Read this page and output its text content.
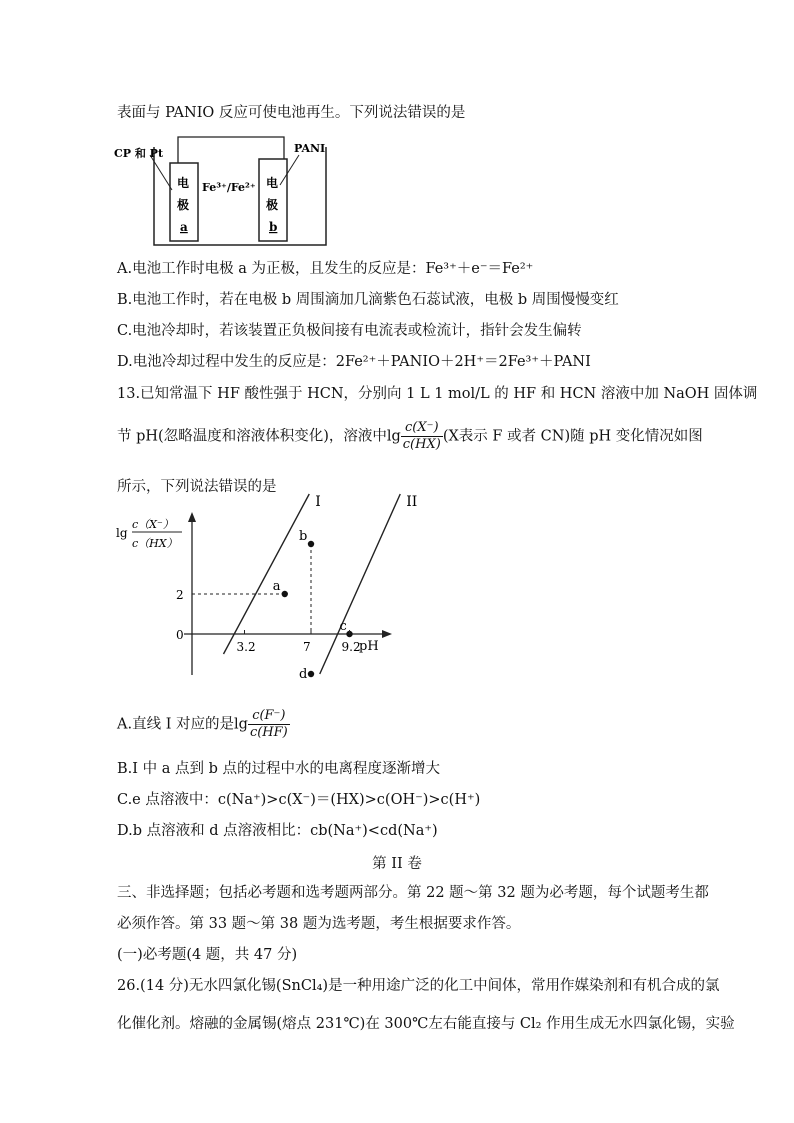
表面与 PANIO 反应可使电池再生。下列说法错误的是
CP 和 Pt	PANI
Fe³⁺/Fe²⁺
电
极
a
电
极
b
A.电池工作时电极 a 为正极，且发生的反应是：Fe³⁺＋e⁻＝Fe²⁺
B.电池工作时，若在电极 b 周围滴加几滴紫色石蕊试液，电极 b 周围慢慢变红
C.电池冷却时，若该装置正负极间接有电流表或检流计，指针会发生偏转
D.电池冷却过程中发生的反应是：2Fe²⁺＋PANIO＋2H⁺＝2Fe³⁺＋PANI
13.已知常温下 HF 酸性强于 HCN，分别向 1 L 1 mol/L 的 HF 和 HCN 溶液中加 NaOH 固体调
节 pH(忽略温度和溶液体积变化)，溶液中$\lg \frac{c(X^-)}{c(HX)} (X$表示 F 或者 CN)随 pH 变化情况如图
所示，下列说法错误的是
lg
c（X⁻）
c（HX）
pH
I	II
a
b
c
d
3.2	7	9.2
2
0
A.直线 I 对应的是$\lg \frac{c(F^-)}{c(HF)}$
B.I 中 a 点到 b 点的过程中水的电离程度逐渐增大
C.e 点溶液中：c(Na⁺)>c(X⁻)＝(HX)>c(OH⁻)>c(H⁺)
D.b 点溶液和 d 点溶液相比：cb(Na⁺)<cd(Na⁺)
第 II 卷
三、非选择题；包括必考题和选考题两部分。第 22 题～第 32 题为必考题，每个试题考生都
必须作答。第 33 题～第 38 题为选考题，考生根据要求作答。
(一)必考题(4 题，共 47 分)
26.(14 分)无水四氯化锡(SnCl₄)是一种用途广泛的化工中间体，常用作媒染剂和有机合成的氯
化催化剂。熔融的金属锡(熔点 231℃)在 300℃左右能直接与 Cl₂ 作用生成无水四氯化锡，实验
